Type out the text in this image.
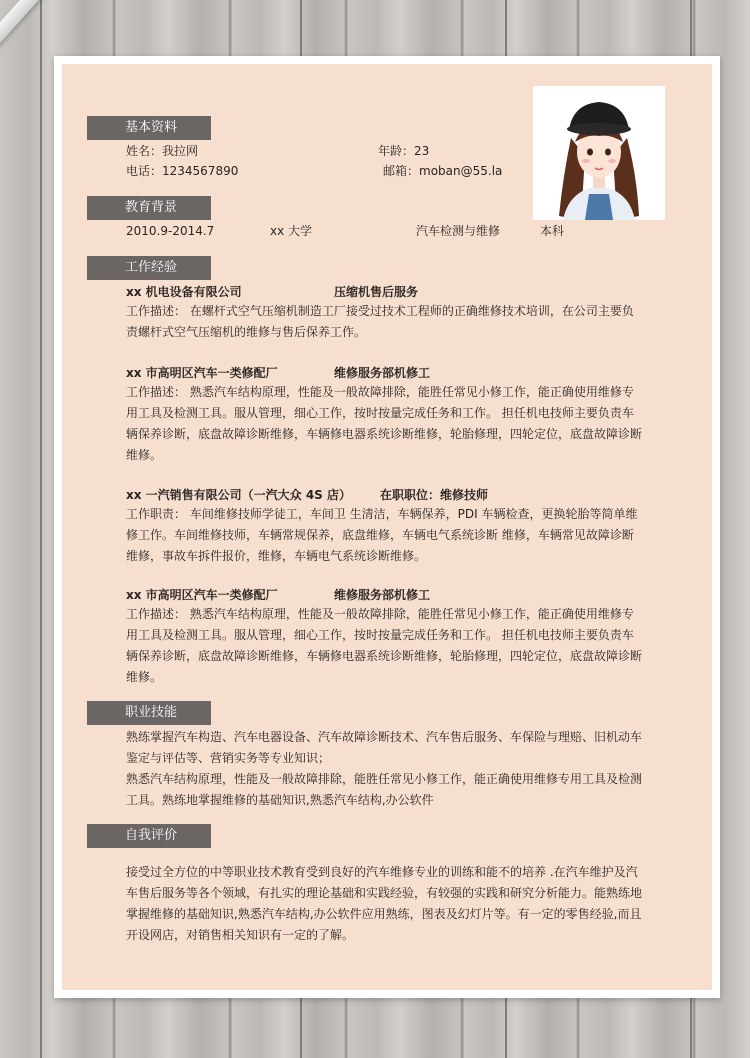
基本资料
姓名：我拉网	年龄：23
电话：1234567890	邮箱：moban@55.la
教育背景
2010.9-2014.7	xx 大学	汽车检测与维修	本科
工作经验
xx 机电设备有限公司	压缩机售后服务
工作描述： 在螺杆式空气压缩机制造工厂接受过技术工程师的正确维修技术培训，在公司主要负
责螺杆式空气压缩机的维修与售后保养工作。
xx 市高明区汽车一类修配厂	维修服务部机修工
工作描述： 熟悉汽车结构原理，性能及一般故障排除，能胜任常见小修工作，能正确使用维修专
用工具及检测工具。服从管理，细心工作，按时按量完成任务和工作。 担任机电技师主要负责车
辆保养诊断，底盘故障诊断维修，车辆修电器系统诊断维修，轮胎修理，四轮定位，底盘故障诊断
维修。
xx 一汽销售有限公司（一汽大众 4S 店） 在职职位：维修技师
工作职责： 车间维修技师学徒工，车间卫 生清洁，车辆保养，PDI 车辆检查，更换轮胎等简单维
修工作。车间维修技师，车辆常规保养，底盘维修，车辆电气系统诊断 维修，车辆常见故障诊断
维修，事故车拆件报价，维修，车辆电气系统诊断维修。
xx 市高明区汽车一类修配厂	维修服务部机修工
工作描述： 熟悉汽车结构原理，性能及一般故障排除，能胜任常见小修工作，能正确使用维修专
用工具及检测工具。服从管理，细心工作，按时按量完成任务和工作。 担任机电技师主要负责车
辆保养诊断，底盘故障诊断维修，车辆修电器系统诊断维修，轮胎修理，四轮定位，底盘故障诊断
维修。
职业技能
熟练掌握汽车构造、汽车电器设备、汽车故障诊断技术、汽车售后服务、车保险与理赔、旧机动车
鉴定与评估等、营销实务等专业知识；
熟悉汽车结构原理，性能及一般故障排除，能胜任常见小修工作，能正确使用维修专用工具及检测
工具。熟练地掌握维修的基础知识,熟悉汽车结构,办公软件
自我评价
接受过全方位的中等职业技术教育受到良好的汽车维修专业的训练和能不的培养 .在汽车维护及汽
车售后服务等各个领域，有扎实的理论基础和实践经验，有较强的实践和研究分析能力。能熟练地
掌握维修的基础知识,熟悉汽车结构,办公软件应用熟练，图表及幻灯片等。有一定的零售经验,而且
开设网店，对销售相关知识有一定的了解。
